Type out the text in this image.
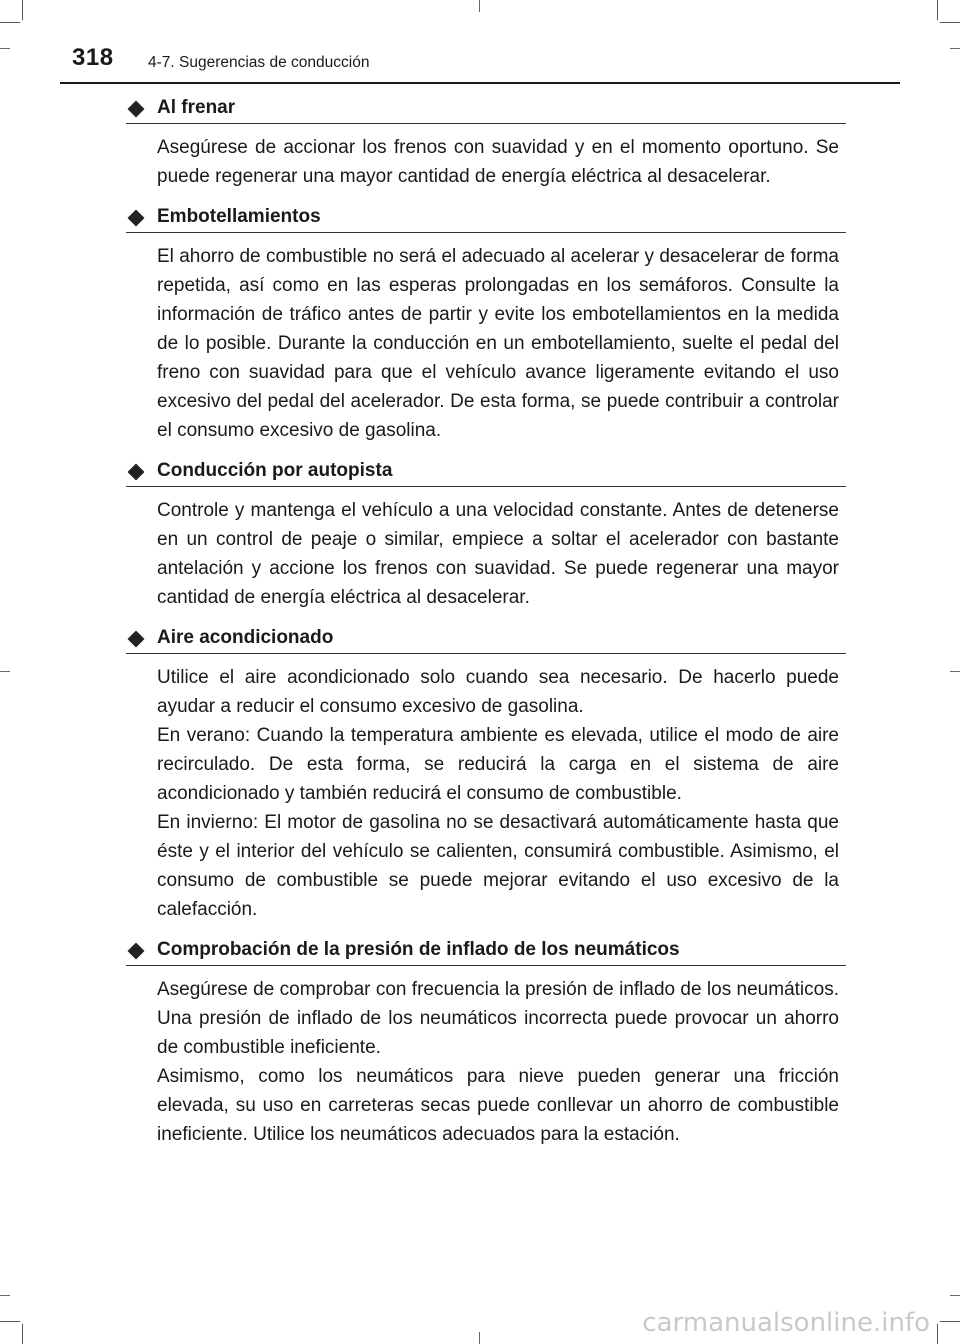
318 4-7. Sugerencias de conducción
Al frenar

Asegúrese de accionar los frenos con suavidad y en el momento oportuno. Se puede regenerar una mayor cantidad de energía eléctrica al desacelerar.

Embotellamientos

El ahorro de combustible no será el adecuado al acelerar y desacelerar de forma repetida, así como en las esperas prolongadas en los semáforos. Consulte la información de tráfico antes de partir y evite los embotellamientos en la medida de lo posible. Durante la conducción en un embotellamiento, suelte el pedal del freno con suavidad para que el vehículo avance ligeramente evitando el uso excesivo del pedal del acelerador. De esta forma, se puede contribuir a controlar el consumo excesivo de gasolina.

Conducción por autopista

Controle y mantenga el vehículo a una velocidad constante. Antes de detenerse en un control de peaje o similar, empiece a soltar el acelerador con bastante antelación y accione los frenos con suavidad. Se puede regenerar una mayor cantidad de energía eléctrica al desacelerar.

Aire acondicionado

Utilice el aire acondicionado solo cuando sea necesario. De hacerlo puede ayudar a reducir el consumo excesivo de gasolina.

En verano: Cuando la temperatura ambiente es elevada, utilice el modo de aire recirculado. De esta forma, se reducirá la carga en el sistema de aire acondicionado y también reducirá el consumo de combustible.

En invierno: El motor de gasolina no se desactivará automáticamente hasta que éste y el interior del vehículo se calienten, consumirá combustible. Asimismo, el consumo de combustible se puede mejorar evitando el uso excesivo de la calefacción.

Comprobación de la presión de inflado de los neumáticos

Asegúrese de comprobar con frecuencia la presión de inflado de los neumáticos. Una presión de inflado de los neumáticos incorrecta puede provocar un ahorro de combustible ineficiente.

Asimismo, como los neumáticos para nieve pueden generar una fricción elevada, su uso en carreteras secas puede conllevar un ahorro de combustible ineficiente. Utilice los neumáticos adecuados para la estación.

carmanualsonline.info
